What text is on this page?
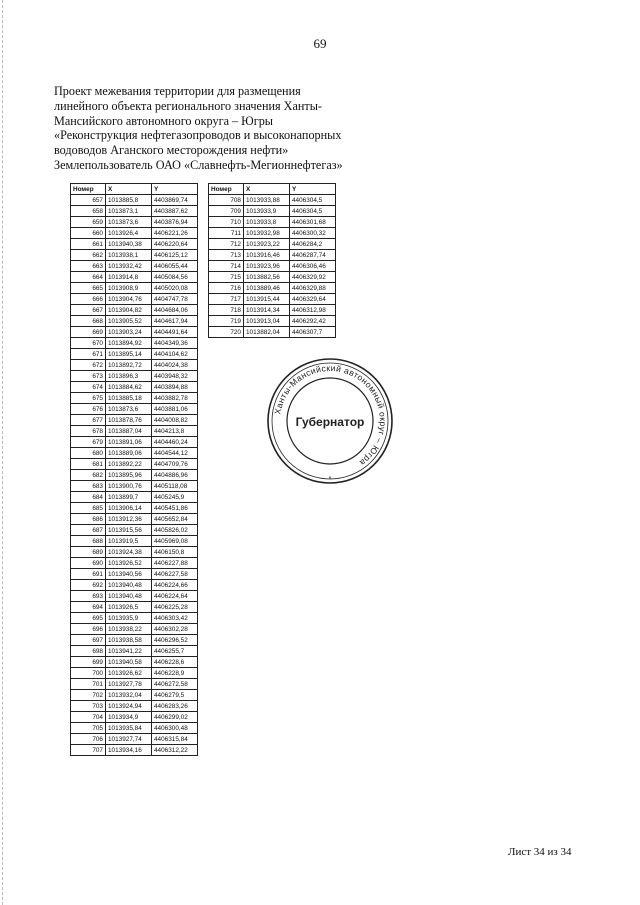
69
Проект межевания территории для размещения
линейного объекта регионального значения Ханты-
Мансийского автономного округа – Югры
«Реконструкция нефтегазопроводов и высоконапорных
водоводов Аганского месторождения нефти»
Землепользователь ОАО «Славнефть-Мегионнефтегаз»
Номер	X	Y
657	1013885,8	4403869,74
658	1013873,1	4403887,62
659	1013873,6	4403876,94
660	1013926,4	4406221,26
661	1013940,38	4406220,64
662	1013938,1	4406125,12
663	1013932,42	4406055,44
664	1013914,8	4405084,56
665	1013908,9	4405020,08
666	1013904,76	4404747,78
667	1013904,82	4404684,06
668	1013905,52	4404617,94
669	1013903,24	4404491,64
670	1013894,92	4404349,36
671	1013895,14	4404104,62
672	1013892,72	4404024,38
673	1013896,3	4403948,32
674	1013884,62	4403894,88
675	1013885,18	4403882,78
676	1013873,6	4403881,06
677	1013878,76	4404008,82
678	1013887,04	4404213,8
679	1013891,06	4404460,24
680	1013889,06	4404544,12
681	1013892,22	4404709,76
682	1013895,96	4404886,96
683	1013900,76	4405118,08
684	1013899,7	4405245,9
685	1013906,14	4405451,86
686	1013912,36	4405652,84
687	1013915,56	4405826,02
688	1013919,5	4405969,08
689	1013924,38	4406150,8
690	1013926,52	4406227,88
691	1013940,56	4406227,58
692	1013940,48	4406224,66
693	1013940,48	4406224,64
694	1013926,5	4406225,28
695	1013935,9	4406303,42
696	1013938,22	4406302,28
697	1013938,58	4406296,52
698	1013941,22	4406255,7
699	1013940,58	4406228,6
700	1013926,62	4406228,9
701	1013927,78	4406272,58
702	1013932,04	4406279,5
703	1013924,94	4406283,26
704	1013934,9	4406299,02
705	1013935,84	4406300,48
706	1013927,74	4406315,84
707	1013934,16	4406312,22
Номер	X	Y
708	1013933,88	4406304,5
709	1013933,9	4406304,5
710	1013933,8	4406301,68
711	1013932,98	4406300,32
712	1013923,22	4406284,2
713	1013916,46	4406287,74
714	1013923,96	4406306,46
715	1013882,56	4406329,92
716	1013889,46	4406329,88
717	1013915,44	4406329,64
718	1013914,34	4406312,98
719	1013913,04	4406292,42
720	1013882,04	4406307,7
Ханты-Мансийский автономный округ – Югра
Губернатор
*
Лист 34 из 34
